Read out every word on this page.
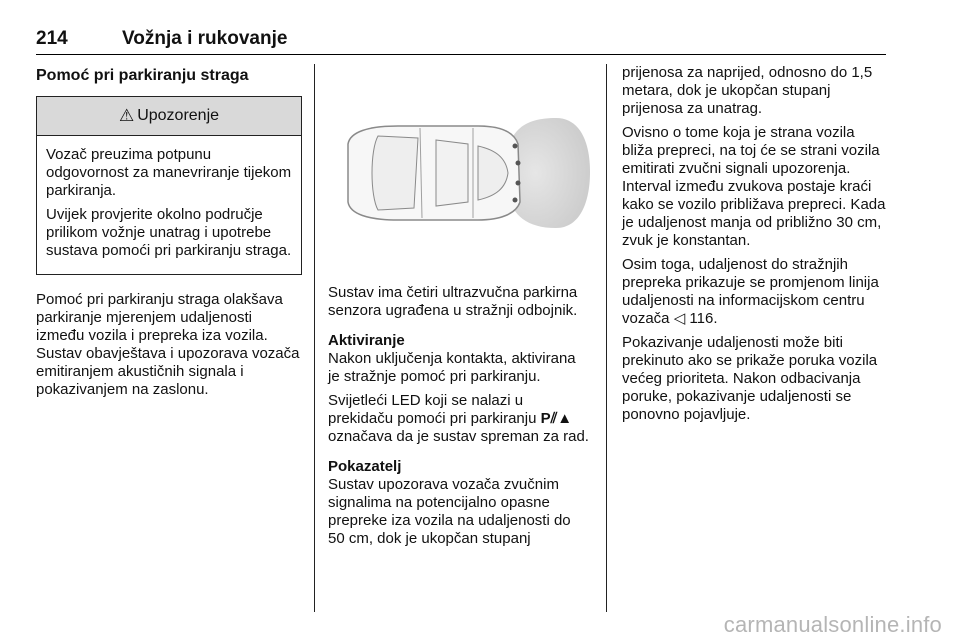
214	Vožnja i rukovanje
Pomoć pri parkiranju straga
⚠ Upozorenje

Vozač preuzima potpunu odgovornost za manevriranje tijekom parkiranja.

Uvijek provjerite okolno područje prilikom vožnje unatrag i upotrebe sustava pomoći pri parkiranju straga.

Pomoć pri parkiranju straga olakšava parkiranje mjerenjem udaljenosti između vozila i prepreka iza vozila. Sustav obavještava i upozorava vozača emitiranjem akustičnih signala i pokazivanjem na zaslonu.

Sustav ima četiri ultrazvučna parkirna senzora ugrađena u stražnji odbojnik.

Aktiviranje

Nakon uključenja kontakta, aktivirana je stražnje pomoć pri parkiranju.

Svijetleći LED koji se nalazi u prekidaču pomoći pri parkiranju P⫽▲ označava da je sustav spreman za rad.

Pokazatelj

Sustav upozorava vozača zvučnim signalima na potencijalno opasne prepreke iza vozila na udaljenosti do 50 cm, dok je ukopčan stupanj

prijenosa za naprijed, odnosno do 1,5 metara, dok je ukopčan stupanj prijenosa za unatrag.

Ovisno o tome koja je strana vozila bliža prepreci, na toj će se strani vozila emitirati zvučni signali upozorenja. Interval između zvukova postaje kraći kako se vozilo približava prepreci. Kada je udaljenost manja od približno 30 cm, zvuk je konstantan.

Osim toga, udaljenost do stražnjih prepreka prikazuje se promjenom linija udaljenosti na informacijskom centru vozača ◁ 116.

Pokazivanje udaljenosti može biti prekinuto ako se prikaže poruka vozila većeg prioriteta. Nakon odbacivanja poruke, pokazivanje udaljenosti se ponovno pojavljuje.

carmanualsonline.info
